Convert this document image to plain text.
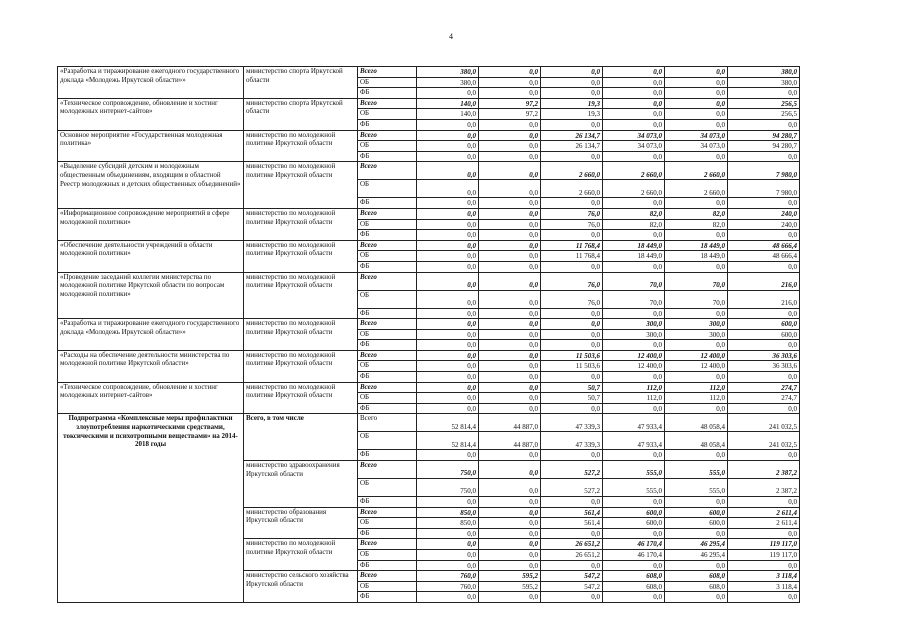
4
«Разработка и тиражирование ежегодного государственного доклада «Молодежь Иркутской области»»	министерство спорта Иркутской области	Всего	380,0	0,0	0,0	0,0	0,0	380,0
		ОБ	380,0	0,0	0,0	0,0	0,0	380,0
		ФБ	0,0	0,0	0,0	0,0	0,0	0,0
«Техническое сопровождение, обновление и хостинг молодежных интернет-сайтов»	министерство спорта Иркутской области	Всего	140,0	97,2	19,3	0,0	0,0	256,5
		ОБ	140,0	97,2	19,3	0,0	0,0	256,5
		ФБ	0,0	0,0	0,0	0,0	0,0	0,0
Основное мероприятие «Государственная молодежная политика»	министерство по молодежной политике Иркутской области	Всего	0,0	0,0	26 134,7	34 073,0	34 073,0	94 280,7
		ОБ	0,0	0,0	26 134,7	34 073,0	34 073,0	94 280,7
		ФБ	0,0	0,0	0,0	0,0	0,0	0,0
«Выделение субсидий детским и молодежным общественным объединениям, входящим в областной Реестр молодежных и детских общественных объединений»	министерство по молодежной политике Иркутской области	Всего	0,0	0,0	2 660,0	2 660,0	2 660,0	7 980,0
		ОБ	0,0	0,0	2 660,0	2 660,0	2 660,0	7 980,0
		ФБ	0,0	0,0	0,0	0,0	0,0	0,0
«Информационное сопровождение мероприятий в сфере молодежной политики»	министерство по молодежной политике Иркутской области	Всего	0,0	0,0	76,0	82,0	82,0	240,0
		ОБ	0,0	0,0	76,0	82,0	82,0	240,0
		ФБ	0,0	0,0	0,0	0,0	0,0	0,0
«Обеспечение деятельности учреждений в области молодежной политики»	министерство по молодежной политике Иркутской области	Всего	0,0	0,0	11 768,4	18 449,0	18 449,0	48 666,4
		ОБ	0,0	0,0	11 768,4	18 449,0	18 449,0	48 666,4
		ФБ	0,0	0,0	0,0	0,0	0,0	0,0
«Проведение заседаний коллегии министерства по молодежной политике Иркутской области по вопросам молодежной политики»	министерство по молодежной политике Иркутской области	Всего	0,0	0,0	76,0	70,0	70,0	216,0
		ОБ	0,0	0,0	76,0	70,0	70,0	216,0
		ФБ	0,0	0,0	0,0	0,0	0,0	0,0
«Разработка и тиражирование ежегодного государственного доклада «Молодежь Иркутской области»»	министерство по молодежной политике Иркутской области	Всего	0,0	0,0	0,0	300,0	300,0	600,0
		ОБ	0,0	0,0	0,0	300,0	300,0	600,0
		ФБ	0,0	0,0	0,0	0,0	0,0	0,0
«Расходы на обеспечение деятельности министерства по молодежной политике Иркутской области»	министерство по молодежной политике Иркутской области	Всего	0,0	0,0	11 503,6	12 400,0	12 400,0	36 303,6
		ОБ	0,0	0,0	11 503,6	12 400,0	12 400,0	36 303,6
		ФБ	0,0	0,0	0,0	0,0	0,0	0,0
«Техническое сопровождение, обновление и хостинг молодежных интернет-сайтов»	министерство по молодежной политике Иркутской области	Всего	0,0	0,0	50,7	112,0	112,0	274,7
		ОБ	0,0	0,0	50,7	112,0	112,0	274,7
		ФБ	0,0	0,0	0,0	0,0	0,0	0,0
Подпрограмма «Комплексные меры профилактики злоупотребления наркотическими средствами, токсическими и психотропными веществами» на 2014-2018 годы	Всего, в том числе	Всего	52 814,4	44 887,0	47 339,3	47 933,4	48 058,4	241 032,5
		ОБ	52 814,4	44 887,0	47 339,3	47 933,4	48 058,4	241 032,5
		ФБ	0,0	0,0	0,0	0,0	0,0	0,0
	министерство здравоохранения Иркутской области	Всего	750,0	0,0	527,2	555,0	555,0	2 387,2
		ОБ	750,0	0,0	527,2	555,0	555,0	2 387,2
		ФБ	0,0	0,0	0,0	0,0	0,0	0,0
	министерство образования Иркутской области	Всего	850,0	0,0	561,4	600,0	600,0	2 611,4
		ОБ	850,0	0,0	561,4	600,0	600,0	2 611,4
		ФБ	0,0	0,0	0,0	0,0	0,0	0,0
	министерство по молодежной политике Иркутской области	Всего	0,0	0,0	26 651,2	46 170,4	46 295,4	119 117,0
		ОБ	0,0	0,0	26 651,2	46 170,4	46 295,4	119 117,0
		ФБ	0,0	0,0	0,0	0,0	0,0	0,0
	министерство сельского хозяйства Иркутской области	Всего	760,0	595,2	547,2	608,0	608,0	3 118,4
		ОБ	760,0	595,2	547,2	608,0	608,0	3 118,4
		ФБ	0,0	0,0	0,0	0,0	0,0	0,0
